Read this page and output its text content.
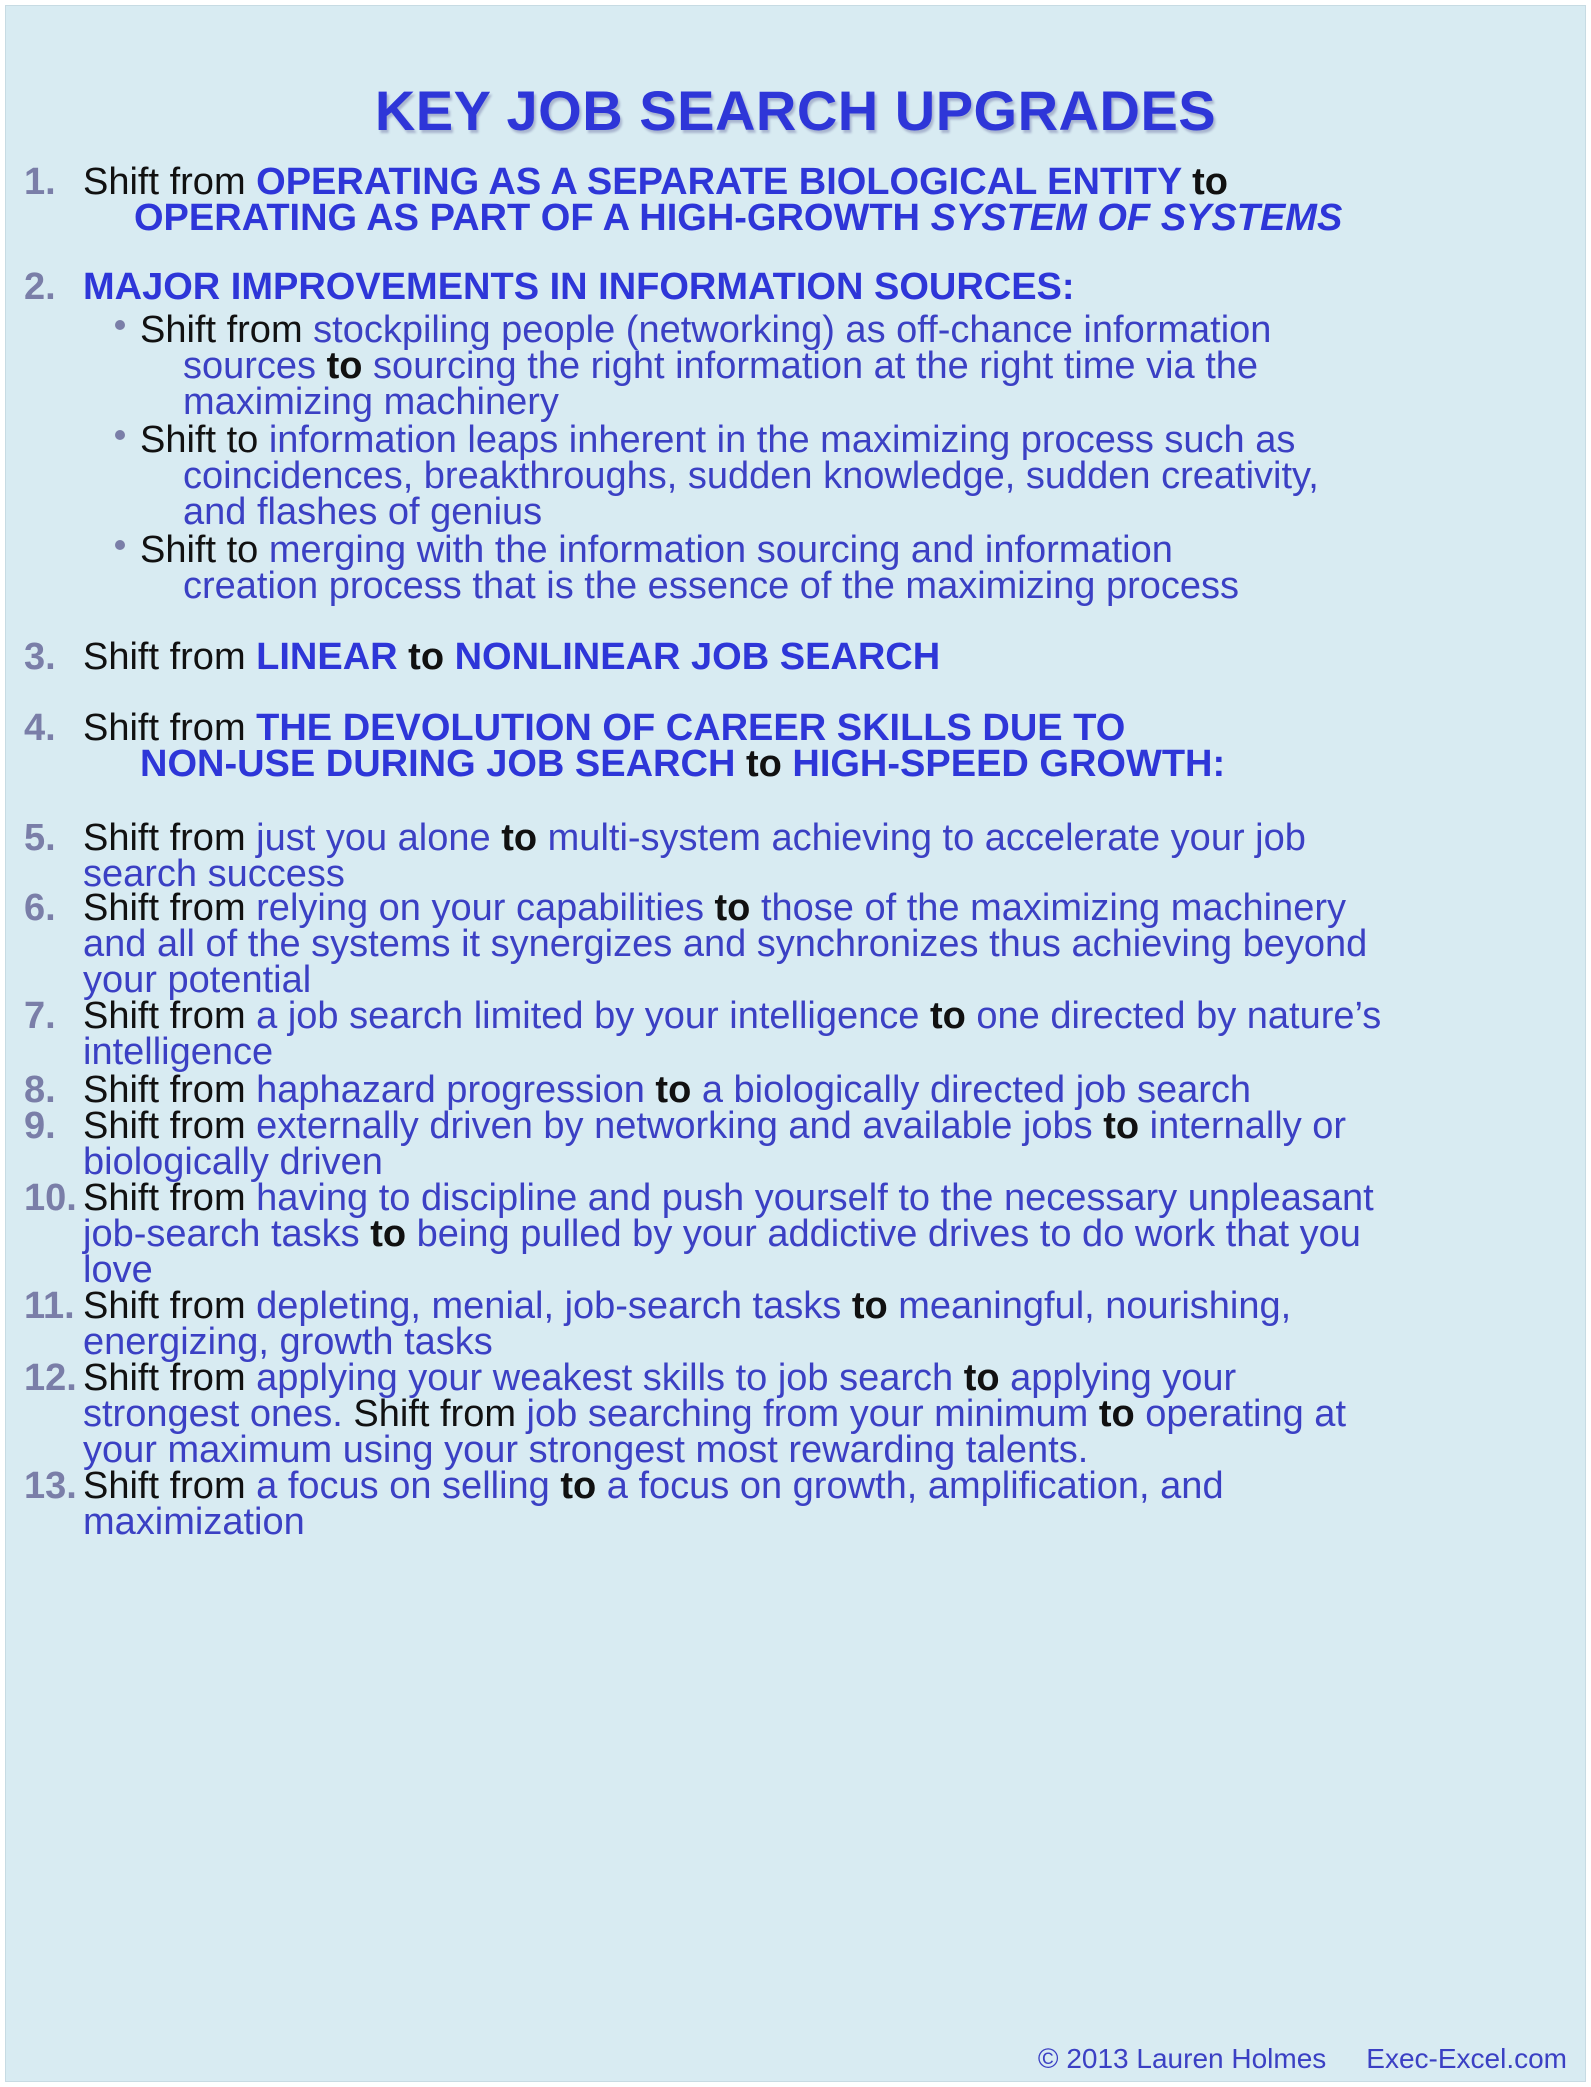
KEY JOB SEARCH UPGRADES
1. Shift from OPERATING AS A SEPARATE BIOLOGICAL ENTITY to
OPERATING AS PART OF A HIGH-GROWTH SYSTEM OF SYSTEMS
2. MAJOR IMPROVEMENTS IN INFORMATION SOURCES:
Shift from stockpiling people (networking) as off-chance information
sources to sourcing the right information at the right time via the
maximizing machinery
Shift to information leaps inherent in the maximizing process such as
coincidences, breakthroughs, sudden knowledge, sudden creativity,
and flashes of genius
Shift to merging with the information sourcing and information
creation process that is the essence of the maximizing process
3. Shift from LINEAR to NONLINEAR JOB SEARCH
4. Shift from THE DEVOLUTION OF CAREER SKILLS DUE TO
NON-USE DURING JOB SEARCH to HIGH-SPEED GROWTH:
5. Shift from just you alone to multi-system achieving to accelerate your job
search success
6. Shift from relying on your capabilities to those of the maximizing machinery
and all of the systems it synergizes and synchronizes thus achieving beyond
your potential
7. Shift from a job search limited by your intelligence to one directed by nature’s
intelligence
8. Shift from haphazard progression to a biologically directed job search
9. Shift from externally driven by networking and available jobs to internally or
biologically driven
10. Shift from having to discipline and push yourself to the necessary unpleasant
job-search tasks to being pulled by your addictive drives to do work that you
love
11. Shift from depleting, menial, job-search tasks to meaningful, nourishing,
energizing, growth tasks
12. Shift from applying your weakest skills to job search to applying your
strongest ones. Shift from job searching from your minimum to operating at
your maximum using your strongest most rewarding talents.
13. Shift from a focus on selling to a focus on growth, amplification, and
maximization
© 2013 Lauren Holmes Exec-Excel.com
